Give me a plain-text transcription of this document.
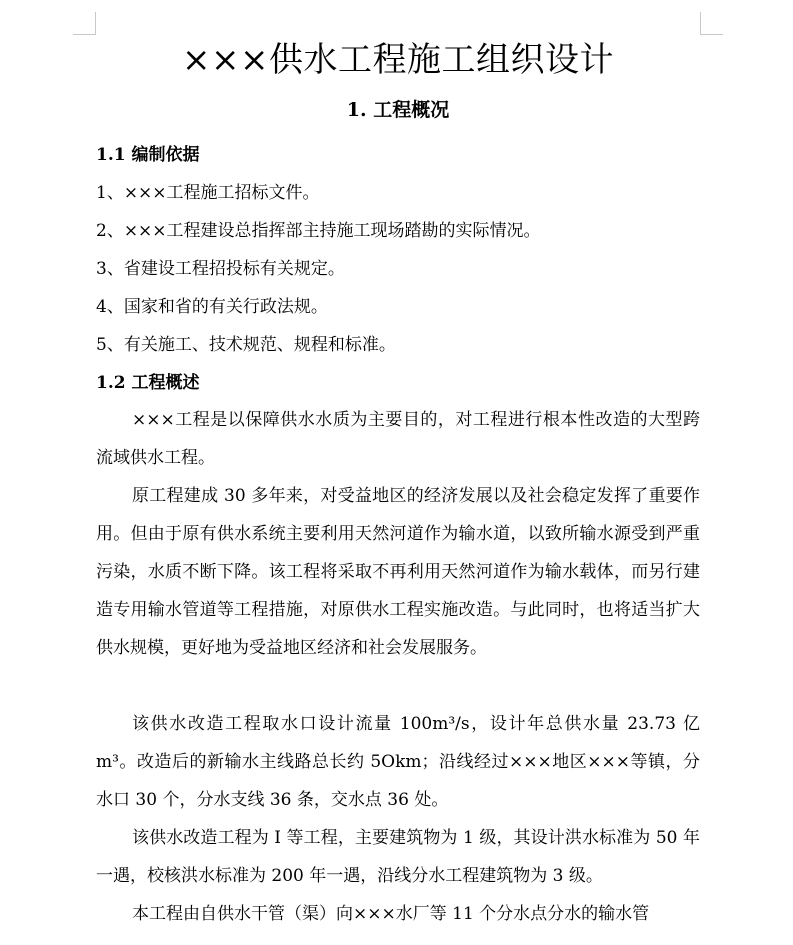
×××供水工程施工组织设计
1. 工程概况
1.1 编制依据

1、×××工程施工招标文件。

2、×××工程建设总指挥部主持施工现场踏勘的实际情况。

3、省建设工程招投标有关规定。

4、国家和省的有关行政法规。

5、有关施工、技术规范、规程和标准。

1.2 工程概述

×××工程是以保障供水水质为主要目的，对工程进行根本性改造的大型跨流域供水工程。

原工程建成 30 多年来，对受益地区的经济发展以及社会稳定发挥了重要作用。但由于原有供水系统主要利用天然河道作为输水道，以致所输水源受到严重污染，水质不断下降。该工程将采取不再利用天然河道作为输水载体，而另行建造专用输水管道等工程措施，对原供水工程实施改造。与此同时，也将适当扩大供水规模，更好地为受益地区经济和社会发展服务。

该供水改造工程取水口设计流量 100m³/s，设计年总供水量 23.73 亿 m³。改造后的新输水主线路总长约 5Okm；沿线经过×××地区×××等镇，分水口 30 个，分水支线 36 条，交水点 36 处。

该供水改造工程为 I 等工程，主要建筑物为 1 级，其设计洪水标准为 50 年一遇，校核洪水标准为 200 年一遇，沿线分水工程建筑物为 3 级。

本工程由自供水干管（渠）向×××水厂等 11 个分水点分水的输水管
